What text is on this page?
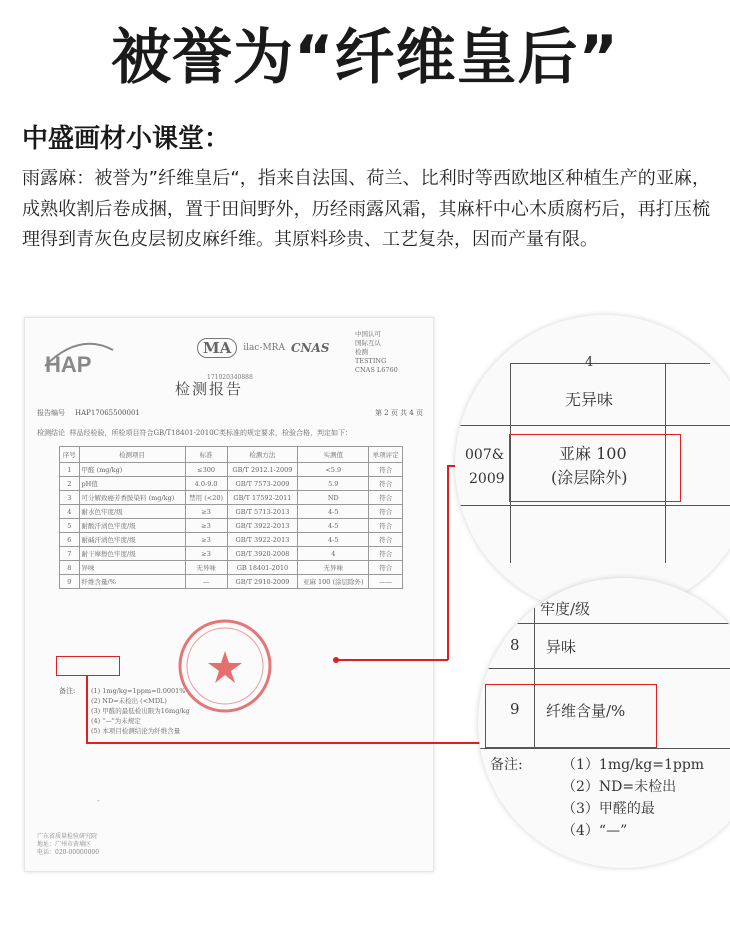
被誉为“纤维皇后”
中盛画材小课堂：
雨露麻：被誉为”纤维皇后“，指来自法国、荷兰、比利时等西欧地区种植生产的亚麻，成熟收割后卷成捆，置于田间野外，历经雨露风霜，其麻杆中心木质腐朽后，再打压梳理得到青灰色皮层韧皮麻纤维。其原料珍贵、工艺复杂，因而产量有限。
HAP
MA	ilac-MRA CNAS
中国认可
国际互认
检测
TESTING
CNAS L6760
171020340888
检测报告
报告编号 HAP17065500001	第 2 页 共 4 页
检测结论 样品经检验，所检项目符合GB/T18401-2010C类标准的规定要求，检验合格，判定如下：
序号	检测项目	标准	检测方法	实测值	单项评定
1	甲醛 (mg/kg)	≤300	GB/T 2912.1-2009	<5.9	符合
2	pH值	4.0-9.0	GB/T 7573-2009	5.9	符合
3	可分解致癌芳香胺染料 (mg/kg)	禁用 (<20)	GB/T 17592-2011	ND	符合
4	耐水色牢度/级	≥3	GB/T 5713-2013	4-5	符合
5	耐酸汗渍色牢度/级	≥3	GB/T 3922-2013	4-5	符合
6	耐碱汗渍色牢度/级	≥3	GB/T 3922-2013	4-5	符合
7	耐干摩擦色牢度/级	≥3	GB/T 3920-2008	4	符合
8	异味	无异味	GB 18401-2010	无异味	符合
9	纤维含量/%	—	GB/T 2910-2009	亚麻 100 (涂层除外)	——
备注: (1) 1mg/kg=1ppm=0.0001%
(2) ND=未检出 (<MDL)
(3) 甲醛的最低检出限为16mg/kg
(4) "—"为未规定
(5) 本项目检测结论为纤维含量
-
广东省质量检验研究院
地址：广州市黄埔区
电话：020-00000000
4
无异味
007&
2009
亚麻 100
(涂层除外)
牢度/级
8 异味
9 纤维含量/%
备注:	（1）1mg/kg=1ppm
（2）ND=未检出
（3）甲醛的最
（4）“—”
